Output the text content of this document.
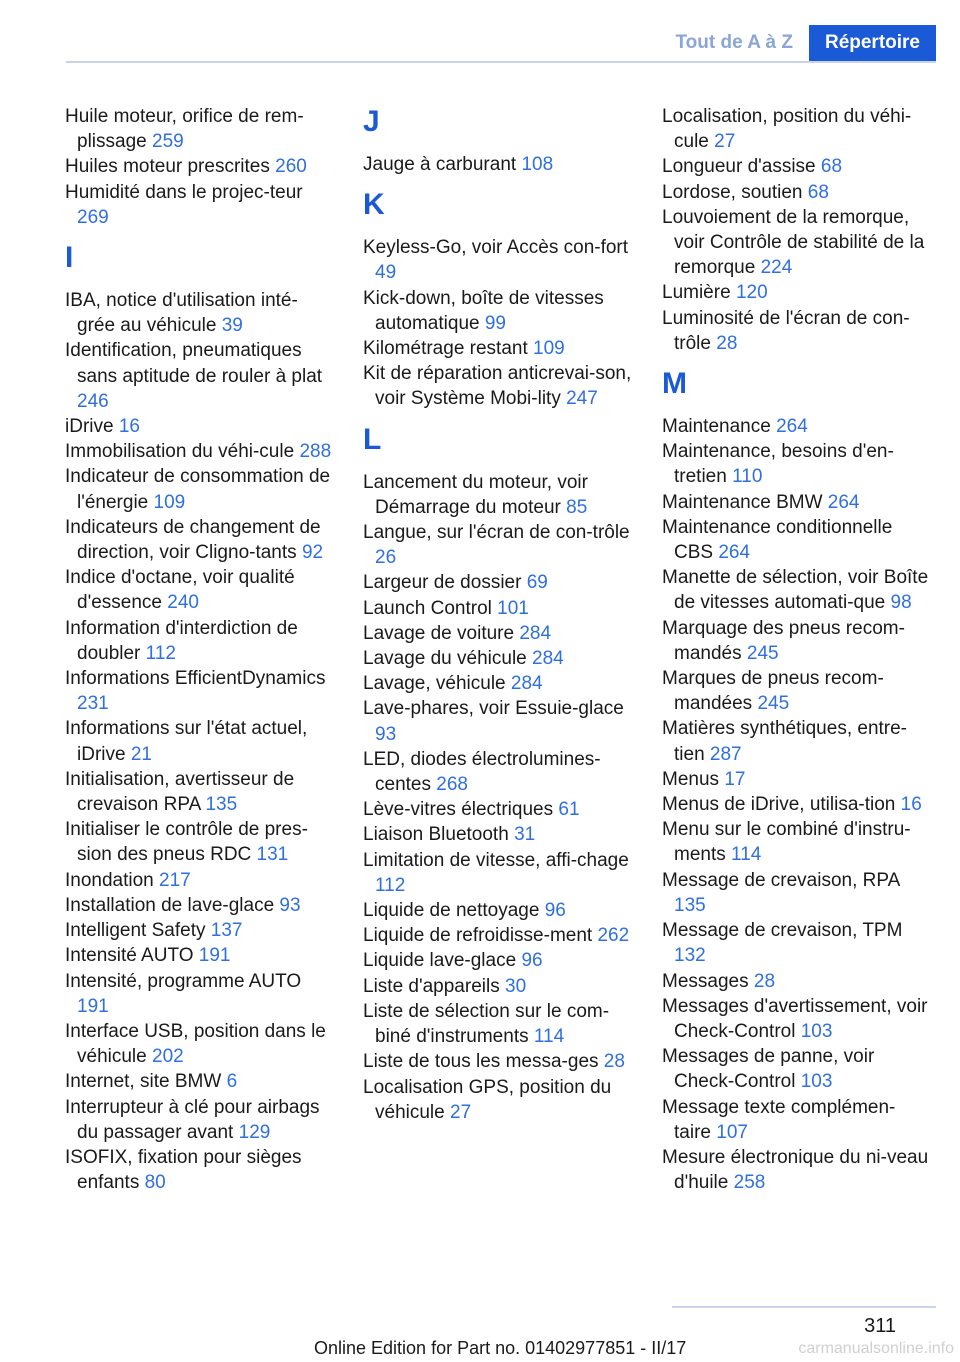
Tout de A à Z	Répertoire

Huile moteur, orifice de rem-plissage 259

Huiles moteur prescrites 260

Humidité dans le projec-teur 269

I

IBA, notice d'utilisation inté-grée au véhicule 39

Identification, pneumatiques sans aptitude de rouler à plat 246

iDrive 16

Immobilisation du véhi-cule 288

Indicateur de consommation de l'énergie 109

Indicateurs de changement de direction, voir Cligno-tants 92

Indice d'octane, voir qualité d'essence 240

Information d'interdiction de doubler 112

Informations EfficientDynamics 231

Informations sur l'état actuel, iDrive 21

Initialisation, avertisseur de crevaison RPA 135

Initialiser le contrôle de pres-sion des pneus RDC 131

Inondation 217

Installation de lave-glace 93

Intelligent Safety 137

Intensité AUTO 191

Intensité, programme AUTO 191

Interface USB, position dans le véhicule 202

Internet, site BMW 6

Interrupteur à clé pour airbags du passager avant 129

ISOFIX, fixation pour sièges enfants 80

J

Jauge à carburant 108

K

Keyless-Go, voir Accès con-fort 49

Kick-down, boîte de vitesses automatique 99

Kilométrage restant 109

Kit de réparation anticrevai-son, voir Système Mobi-lity 247

L

Lancement du moteur, voir Démarrage du moteur 85

Langue, sur l'écran de con-trôle 26

Largeur de dossier 69

Launch Control 101

Lavage de voiture 284

Lavage du véhicule 284

Lavage, véhicule 284

Lave-phares, voir Essuie-glace 93

LED, diodes électrolumines-centes 268

Lève-vitres électriques 61

Liaison Bluetooth 31

Limitation de vitesse, affi-chage 112

Liquide de nettoyage 96

Liquide de refroidisse-ment 262

Liquide lave-glace 96

Liste d'appareils 30

Liste de sélection sur le com-biné d'instruments 114

Liste de tous les messa-ges 28

Localisation GPS, position du véhicule 27

Localisation, position du véhi-cule 27

Longueur d'assise 68

Lordose, soutien 68

Louvoiement de la remorque, voir Contrôle de stabilité de la remorque 224

Lumière 120

Luminosité de l'écran de con-trôle 28

M

Maintenance 264

Maintenance, besoins d'en-tretien 110

Maintenance BMW 264

Maintenance conditionnelle CBS 264

Manette de sélection, voir Boîte de vitesses automati-que 98

Marquage des pneus recom-mandés 245

Marques de pneus recom-mandées 245

Matières synthétiques, entre-tien 287

Menus 17

Menus de iDrive, utilisa-tion 16

Menu sur le combiné d'instru-ments 114

Message de crevaison, RPA 135

Message de crevaison, TPM 132

Messages 28

Messages d'avertissement, voir Check-Control 103

Messages de panne, voir Check-Control 103

Message texte complémen-taire 107

Mesure électronique du ni-veau d'huile 258

311
Online Edition for Part no. 01402977851 - II/17	carmanualsonline.info
